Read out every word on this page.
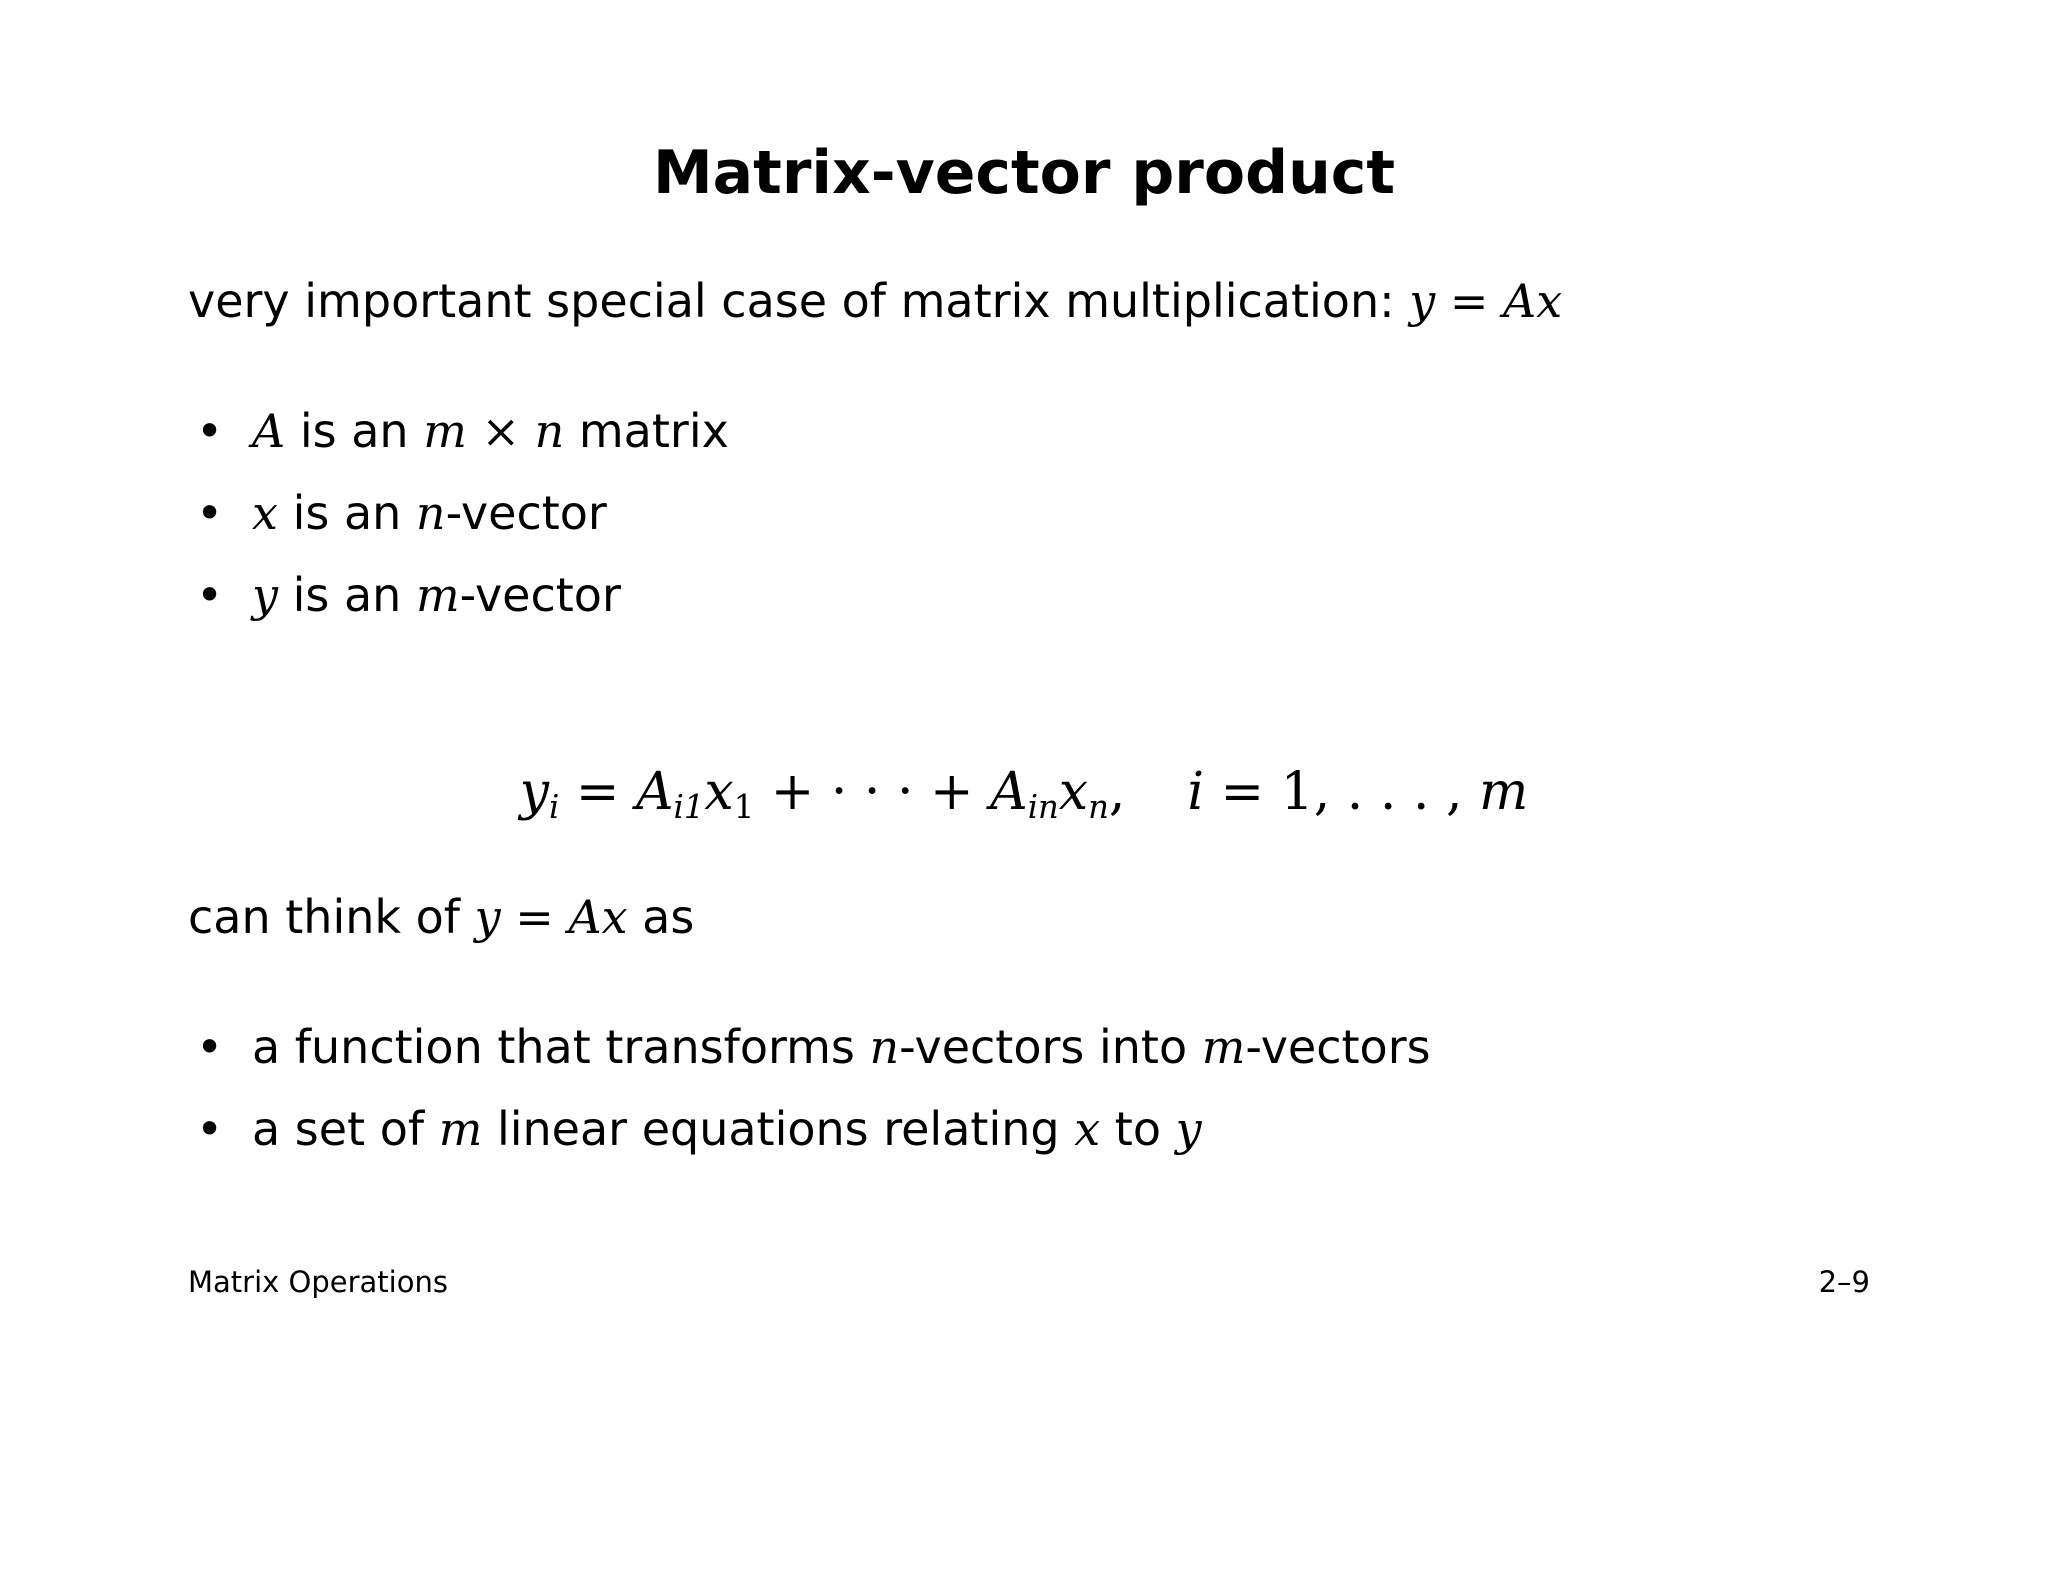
Matrix-vector product
very important special case of matrix multiplication: y = Ax
• A is an m × n matrix
• x is an n-vector
• y is an m-vector
$y_i = A_{i1}x_1$ + · · · + $A_{in}x_n$, i = 1, . . . , m
can think of y = Ax as
• a function that transforms n-vectors into m-vectors
• a set of m linear equations relating x to y
Matrix Operations	2–9
